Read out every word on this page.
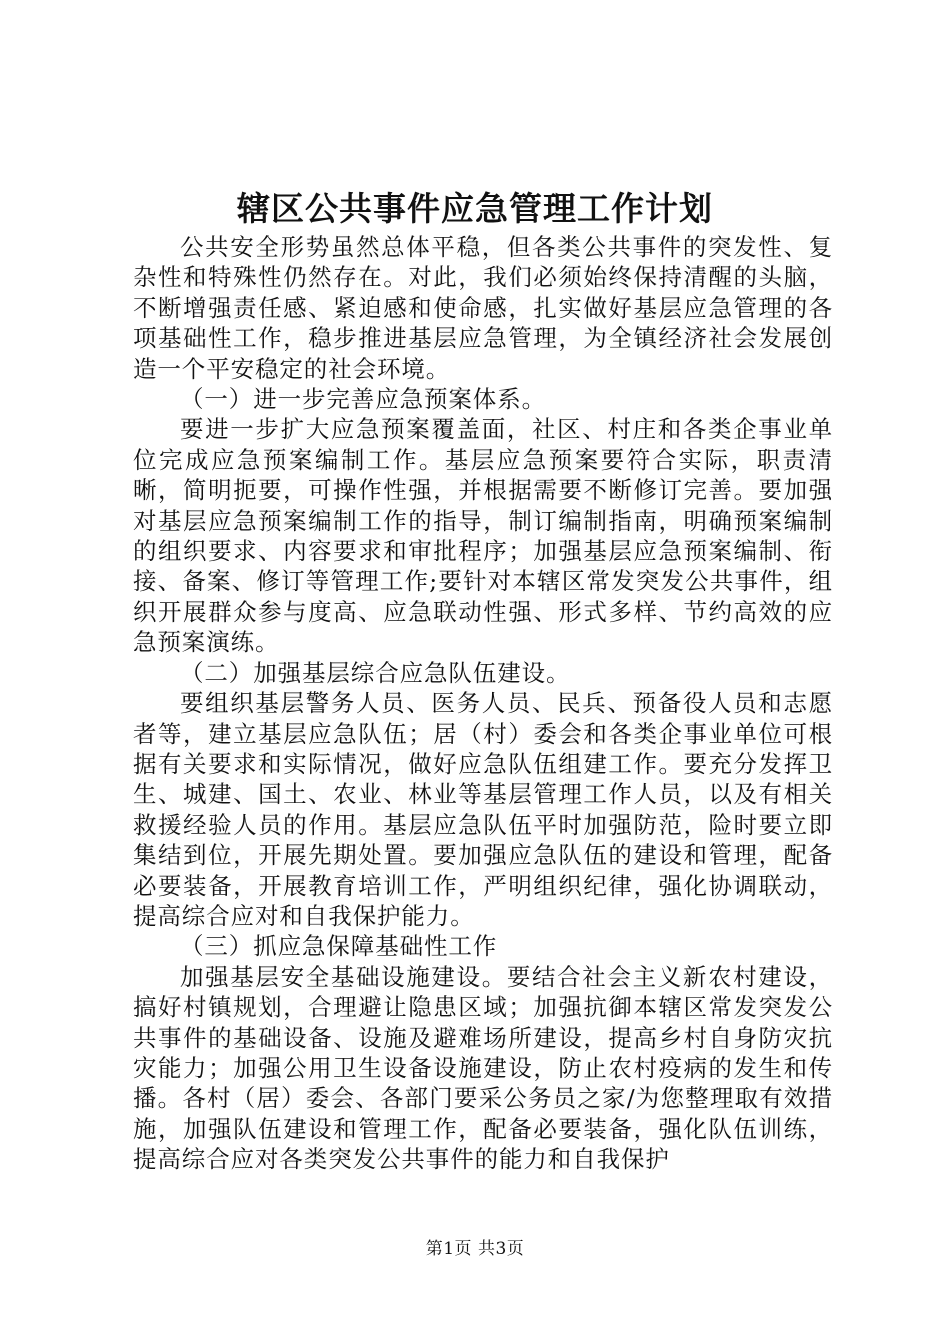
辖区公共事件应急管理工作计划

公共安全形势虽然总体平稳，但各类公共事件的突发性、复杂性和特殊性仍然存在。对此，我们必须始终保持清醒的头脑，不断增强责任感、紧迫感和使命感，扎实做好基层应急管理的各项基础性工作，稳步推进基层应急管理，为全镇经济社会发展创造一个平安稳定的社会环境。

（一）进一步完善应急预案体系。

要进一步扩大应急预案覆盖面，社区、村庄和各类企事业单位完成应急预案编制工作。基层应急预案要符合实际，职责清晰，简明扼要，可操作性强，并根据需要不断修订完善。要加强对基层应急预案编制工作的指导，制订编制指南，明确预案编制的组织要求、内容要求和审批程序；加强基层应急预案编制、衔接、备案、修订等管理工作;要针对本辖区常发突发公共事件，组织开展群众参与度高、应急联动性强、形式多样、节约高效的应急预案演练。

（二）加强基层综合应急队伍建设。

要组织基层警务人员、医务人员、民兵、预备役人员和志愿者等，建立基层应急队伍；居（村）委会和各类企事业单位可根据有关要求和实际情况，做好应急队伍组建工作。要充分发挥卫生、城建、国土、农业、林业等基层管理工作人员，以及有相关救援经验人员的作用。基层应急队伍平时加强防范，险时要立即集结到位，开展先期处置。要加强应急队伍的建设和管理，配备必要装备，开展教育培训工作，严明组织纪律，强化协调联动，提高综合应对和自我保护能力。

（三）抓应急保障基础性工作

加强基层安全基础设施建设。要结合社会主义新农村建设，搞好村镇规划，合理避让隐患区域；加强抗御本辖区常发突发公共事件的基础设备、设施及避难场所建设，提高乡村自身防灾抗灾能力；加强公用卫生设备设施建设，防止农村疫病的发生和传播。各村（居）委会、各部门要采公务员之家/为您整理取有效措施，加强队伍建设和管理工作，配备必要装备，强化队伍训练，提高综合应对各类突发公共事件的能力和自我保护

第1页 共3页
